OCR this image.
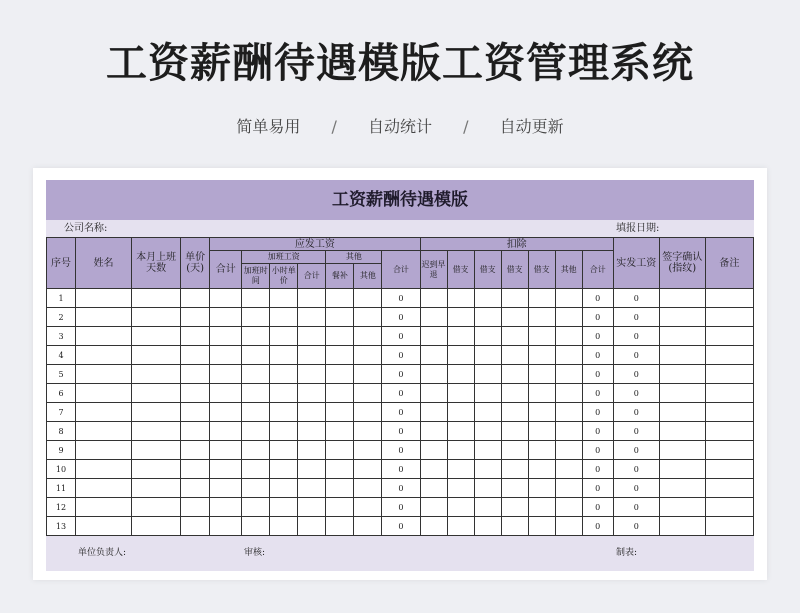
工资薪酬待遇模版工资管理系统
简单易用 / 自动统计 / 自动更新
工资薪酬待遇模版
公司名称:	填报日期:
序号	姓名	本月上班天数	单价(天)	应发工资							扣除							实发工资	签字确认(指纹)	备注
				合计	加班工资			其他		合计	迟到早退	借支	借支	借支	借支	其他	合计			
					加班时间	小时单价	合计	餐补	其他											
1										0							0	0		
2										0							0	0		
3										0							0	0		
4										0							0	0		
5										0							0	0		
6										0							0	0		
7										0							0	0		
8										0							0	0		
9										0							0	0		
10										0							0	0		
11										0							0	0		
12										0							0	0		
13										0							0	0		
单位负责人:	审核:	制表:
